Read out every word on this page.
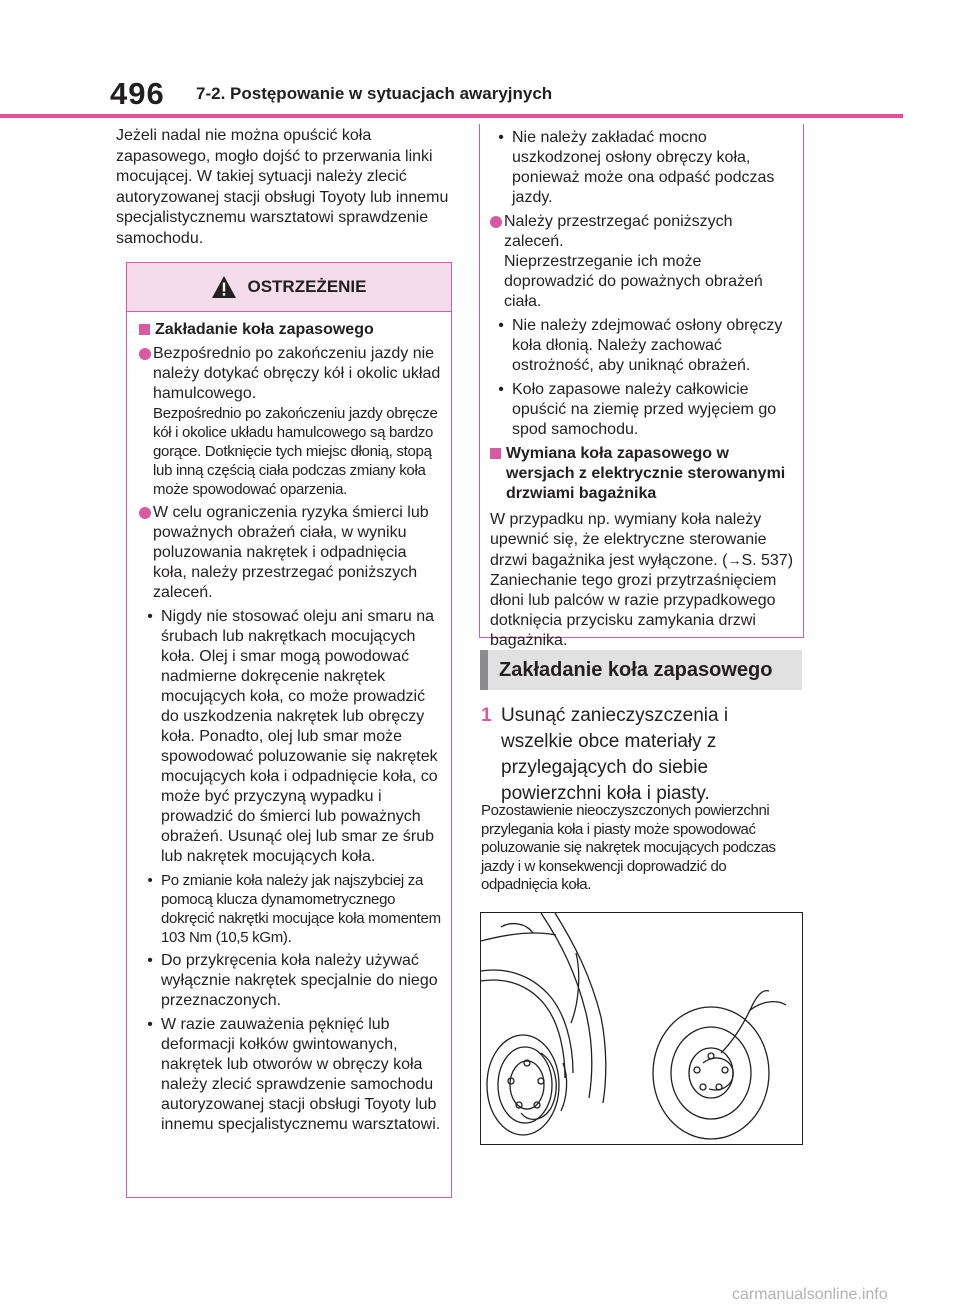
496 7-2. Postępowanie w sytuacjach awaryjnych

Jeżeli nadal nie można opuścić koła zapasowego, mogło dojść to przerwania linki mocującej. W takiej sytuacji należy zlecić autoryzowanej stacji obsługi Toyoty lub innemu specjalistycznemu warsztatowi sprawdzenie samochodu.

OSTRZEŻENIE
Zakładanie koła zapasowego
Bezpośrednio po zakończeniu jazdy nie należy dotykać obręczy kół i okolic układ hamulcowego.
Bezpośrednio po zakończeniu jazdy obręcze kół i okolice układu hamulcowego są bardzo gorące. Dotknięcie tych miejsc dłonią, stopą lub inną częścią ciała podczas zmiany koła może spowodować oparzenia.
W celu ograniczenia ryzyka śmierci lub poważnych obrażeń ciała, w wyniku poluzowania nakrętek i odpadnięcia koła, należy przestrzegać poniższych zaleceń.
• Nigdy nie stosować oleju ani smaru na śrubach lub nakrętkach mocujących koła. Olej i smar mogą powodować nadmierne dokręcenie nakrętek mocujących koła, co może prowadzić do uszkodzenia nakrętek lub obręczy koła. Ponadto, olej lub smar może spowodować poluzowanie się nakrętek mocujących koła i odpadnięcie koła, co może być przyczyną wypadku i prowadzić do śmierci lub poważnych obrażeń. Usunąć olej lub smar ze śrub lub nakrętek mocujących koła.
• Po zmianie koła należy jak najszybciej za pomocą klucza dynamometrycznego dokręcić nakrętki mocujące koła momentem 103 Nm (10,5 kGm).
• Do przykręcenia koła należy używać wyłącznie nakrętek specjalnie do niego przeznaczonych.
• W razie zauważenia pęknięć lub deformacji kołków gwintowanych, nakrętek lub otworów w obręczy koła należy zlecić sprawdzenie samochodu autoryzowanej stacji obsługi Toyoty lub innemu specjalistycznemu warsztatowi.
• Nie należy zakładać mocno uszkodzonej osłony obręczy koła, ponieważ może ona odpaść podczas jazdy.
Należy przestrzegać poniższych zaleceń.
Nieprzestrzeganie ich może doprowadzić do poważnych obrażeń ciała.
• Nie należy zdejmować osłony obręczy koła dłonią. Należy zachować ostrożność, aby uniknąć obrażeń.
• Koło zapasowe należy całkowicie opuścić na ziemię przed wyjęciem go spod samochodu.
Wymiana koła zapasowego w wersjach z elektrycznie sterowanymi drzwiami bagażnika

W przypadku np. wymiany koła należy upewnić się, że elektryczne sterowanie drzwi bagażnika jest wyłączone. (→S. 537) Zaniechanie tego grozi przytrzaśnięciem dłoni lub palców w razie przypadkowego dotknięcia przycisku zamykania drzwi bagażnika.

Zakładanie koła zapasowego
1 Usunąć zanieczyszczenia i wszelkie obce materiały z przylegających do siebie powierzchni koła i piasty.

Pozostawienie nieoczyszczonych powierzchni przylegania koła i piasty może spowodować poluzowanie się nakrętek mocujących podczas jazdy i w konsekwencji doprowadzić do odpadnięcia koła.

carmanualsonline.info
